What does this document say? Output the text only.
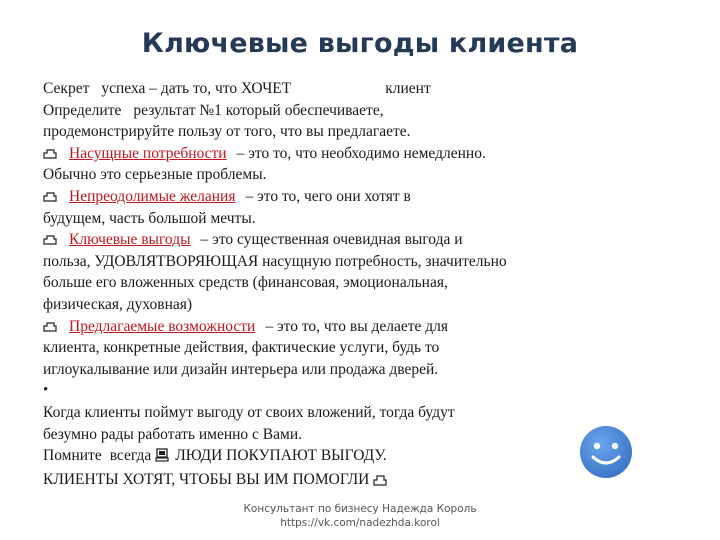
Ключевые выгоды клиента
Секрет успеха – дать то, что ХОЧЕТ	клиент
Определите результат №1 который обеспечиваете,
продемонстрируйте пользу от того, что вы предлагаете.
Насущные потребности – это то, что необходимо немедленно.
Обычно это серьезные проблемы.
Непреодолимые желания – это то, чего они хотят в
будущем, часть большой мечты.
Ключевые выгоды – это существенная очевидная выгода и
польза, УДОВЛЯТВОРЯЮЩАЯ насущную потребность, значительно
больше его вложенных средств (финансовая, эмоциональная,
физическая, духовная)
Предлагаемые возможности – это то, что вы делаете для
клиента, конкретные действия, фактические услуги, будь то
иглоукалывание или дизайн интерьера или продажа дверей.
•
Когда клиенты поймут выгоду от своих вложений, тогда будут
безумно рады работать именно с Вами.
Помните всегда ЛЮДИ ПОКУПАЮТ ВЫГОДУ.
КЛИЕНТЫ ХОТЯТ, ЧТОБЫ ВЫ ИМ ПОМОГЛИ
Консультант по бизнесу Надежда Король
https://vk.com/nadezhda.korol
